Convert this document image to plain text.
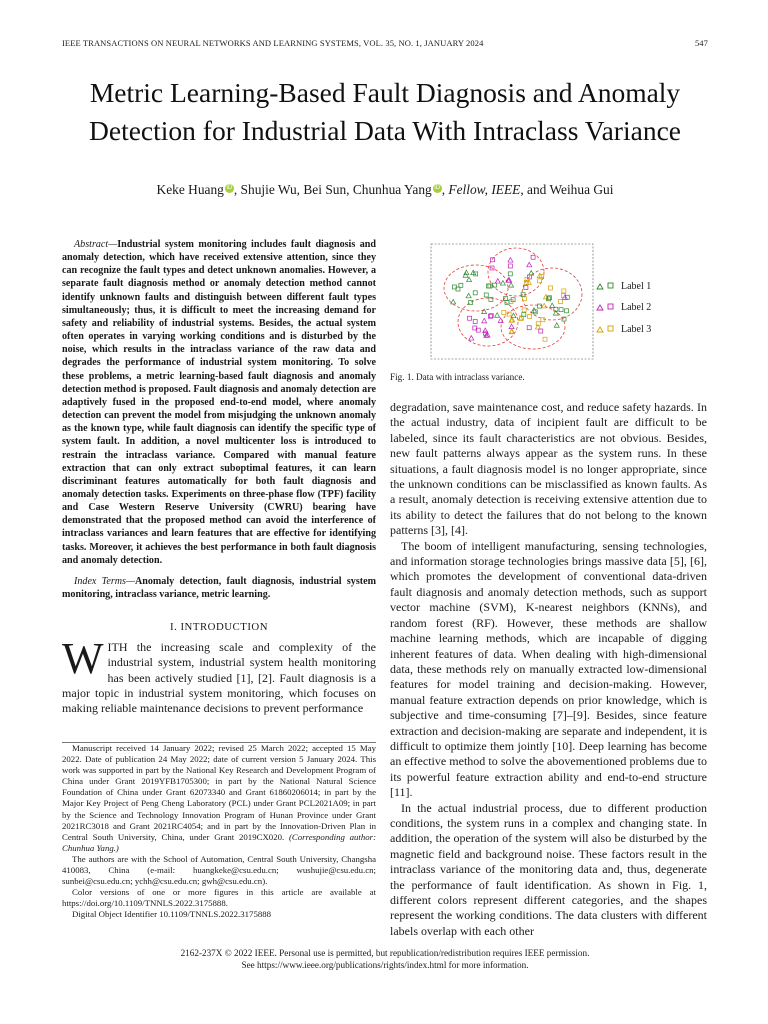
IEEE TRANSACTIONS ON NEURAL NETWORKS AND LEARNING SYSTEMS, VOL. 35, NO. 1, JANUARY 2024	547
Metric Learning-Based Fault Diagnosis and Anomaly Detection for Industrial Data With Intraclass Variance
Keke Huang iD , Shujie Wu, Bei Sun, Chunhua Yang iD , Fellow, IEEE, and Weihua Gui

Abstract—Industrial system monitoring includes fault diagnosis and anomaly detection, which have received extensive attention, since they can recognize the fault types and detect unknown anomalies. However, a separate fault diagnosis method or anomaly detection method cannot identify unknown faults and distinguish between different fault types simultaneously; thus, it is difficult to meet the increasing demand for safety and reliability of industrial systems. Besides, the actual system often operates in varying working conditions and is disturbed by the noise, which results in the intraclass variance of the raw data and degrades the performance of industrial system monitoring. To solve these problems, a metric learning-based fault diagnosis and anomaly detection method is proposed. Fault diagnosis and anomaly detection are adaptively fused in the proposed end-to-end model, where anomaly detection can prevent the model from misjudging the unknown anomaly as the known type, while fault diagnosis can identify the specific type of system fault. In addition, a novel multicenter loss is introduced to restrain the intraclass variance. Compared with manual feature extraction that can only extract suboptimal features, it can learn discriminant features automatically for both fault diagnosis and anomaly detection tasks. Experiments on three-phase flow (TPF) facility and Case Western Reserve University (CWRU) bearing have demonstrated that the proposed method can avoid the interference of intraclass variances and learn features that are effective for identifying tasks. Moreover, it achieves the best performance in both fault diagnosis and anomaly detection.

Index Terms—Anomaly detection, fault diagnosis, industrial system monitoring, intraclass variance, metric learning.

I. INTRODUCTION

WITH the increasing scale and complexity of the industrial system, industrial system health monitoring has been actively studied [1], [2]. Fault diagnosis is a major topic in industrial system monitoring, which focuses on making reliable maintenance decisions to prevent performance

Manuscript received 14 January 2022; revised 25 March 2022; accepted 15 May 2022. Date of publication 24 May 2022; date of current version 5 January 2024. This work was supported in part by the National Key Research and Development Program of China under Grant 2019YFB1705300; in part by the National Natural Science Foundation of China under Grant 62073340 and Grant 61860206014; in part by the Major Key Project of Peng Cheng Laboratory (PCL) under Grant PCL2021A09; in part by the Science and Technology Innovation Program of Hunan Province under Grant 2021RC3018 and Grant 2021RC4054; and in part by the Innovation-Driven Plan in Central South University, China, under Grant 2019CX020. (Corresponding author: Chunhua Yang.)

The authors are with the School of Automation, Central South University, Changsha 410083, China (e-mail: huangkeke@csu.edu.cn; wushujie@csu.edu.cn; sunbei@csu.edu.cn; ychh@csu.edu.cn; gwh@csu.edu.cn).

Color versions of one or more figures in this article are available at https://doi.org/10.1109/TNNLS.2022.3175888.

Digital Object Identifier 10.1109/TNNLS.2022.3175888

Label 1
Label 2
Label 3
Fig. 1. Data with intraclass variance.

degradation, save maintenance cost, and reduce safety hazards. In the actual industry, data of incipient fault are difficult to be labeled, since its fault characteristics are not obvious. Besides, new fault patterns always appear as the system runs. In these situations, a fault diagnosis model is no longer appropriate, since the unknown conditions can be misclassified as known faults. As a result, anomaly detection is receiving extensive attention due to its ability to detect the failures that do not belong to the known patterns [3], [4].

The boom of intelligent manufacturing, sensing technologies, and information storage technologies brings massive data [5], [6], which promotes the development of conventional data-driven fault diagnosis and anomaly detection methods, such as support vector machine (SVM), K-nearest neighbors (KNNs), and random forest (RF). However, these methods are shallow machine learning methods, which are incapable of digging inherent features of data. When dealing with high-dimensional data, these methods rely on manually extracted low-dimensional features for model training and decision-making. However, manual feature extraction depends on prior knowledge, which is subjective and time-consuming [7]–[9]. Besides, since feature extraction and decision-making are separate and independent, it is difficult to optimize them jointly [10]. Deep learning has become an effective method to solve the abovementioned problems due to its powerful feature extraction ability and end-to-end structure [11].

In the actual industrial process, due to different production conditions, the system runs in a complex and changing state. In addition, the operation of the system will also be disturbed by the magnetic field and background noise. These factors result in the intraclass variance of the monitoring data and, thus, degenerate the performance of fault identification. As shown in Fig. 1, different colors represent different categories, and the shapes represent the working conditions. The data clusters with different labels overlap with each other

2162-237X © 2022 IEEE. Personal use is permitted, but republication/redistribution requires IEEE permission.
See https://www.ieee.org/publications/rights/index.html for more information.
